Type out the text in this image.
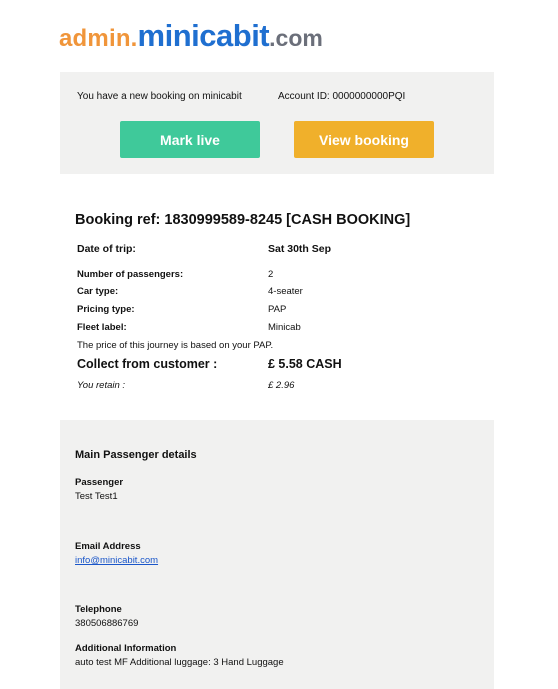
admin. minicabit .com
You have a new booking on minicabit	Account ID: 0000000000PQI
Mark live	View booking
Booking ref: 1830999589-8245 [CASH BOOKING]
Date of trip:	Sat 30th Sep
Number of passengers:	2
Car type:	4-seater
Pricing type:	PAP
Fleet label:	Minicab
The price of this journey is based on your PAP.
Collect from customer :	£ 5.58 CASH
You retain :	£ 2.96
Main Passenger details
Passenger
Test Test1
Email Address
info@minicabit.com
Telephone
380506886769
Additional Information
auto test MF Additional luggage: 3 Hand Luggage
